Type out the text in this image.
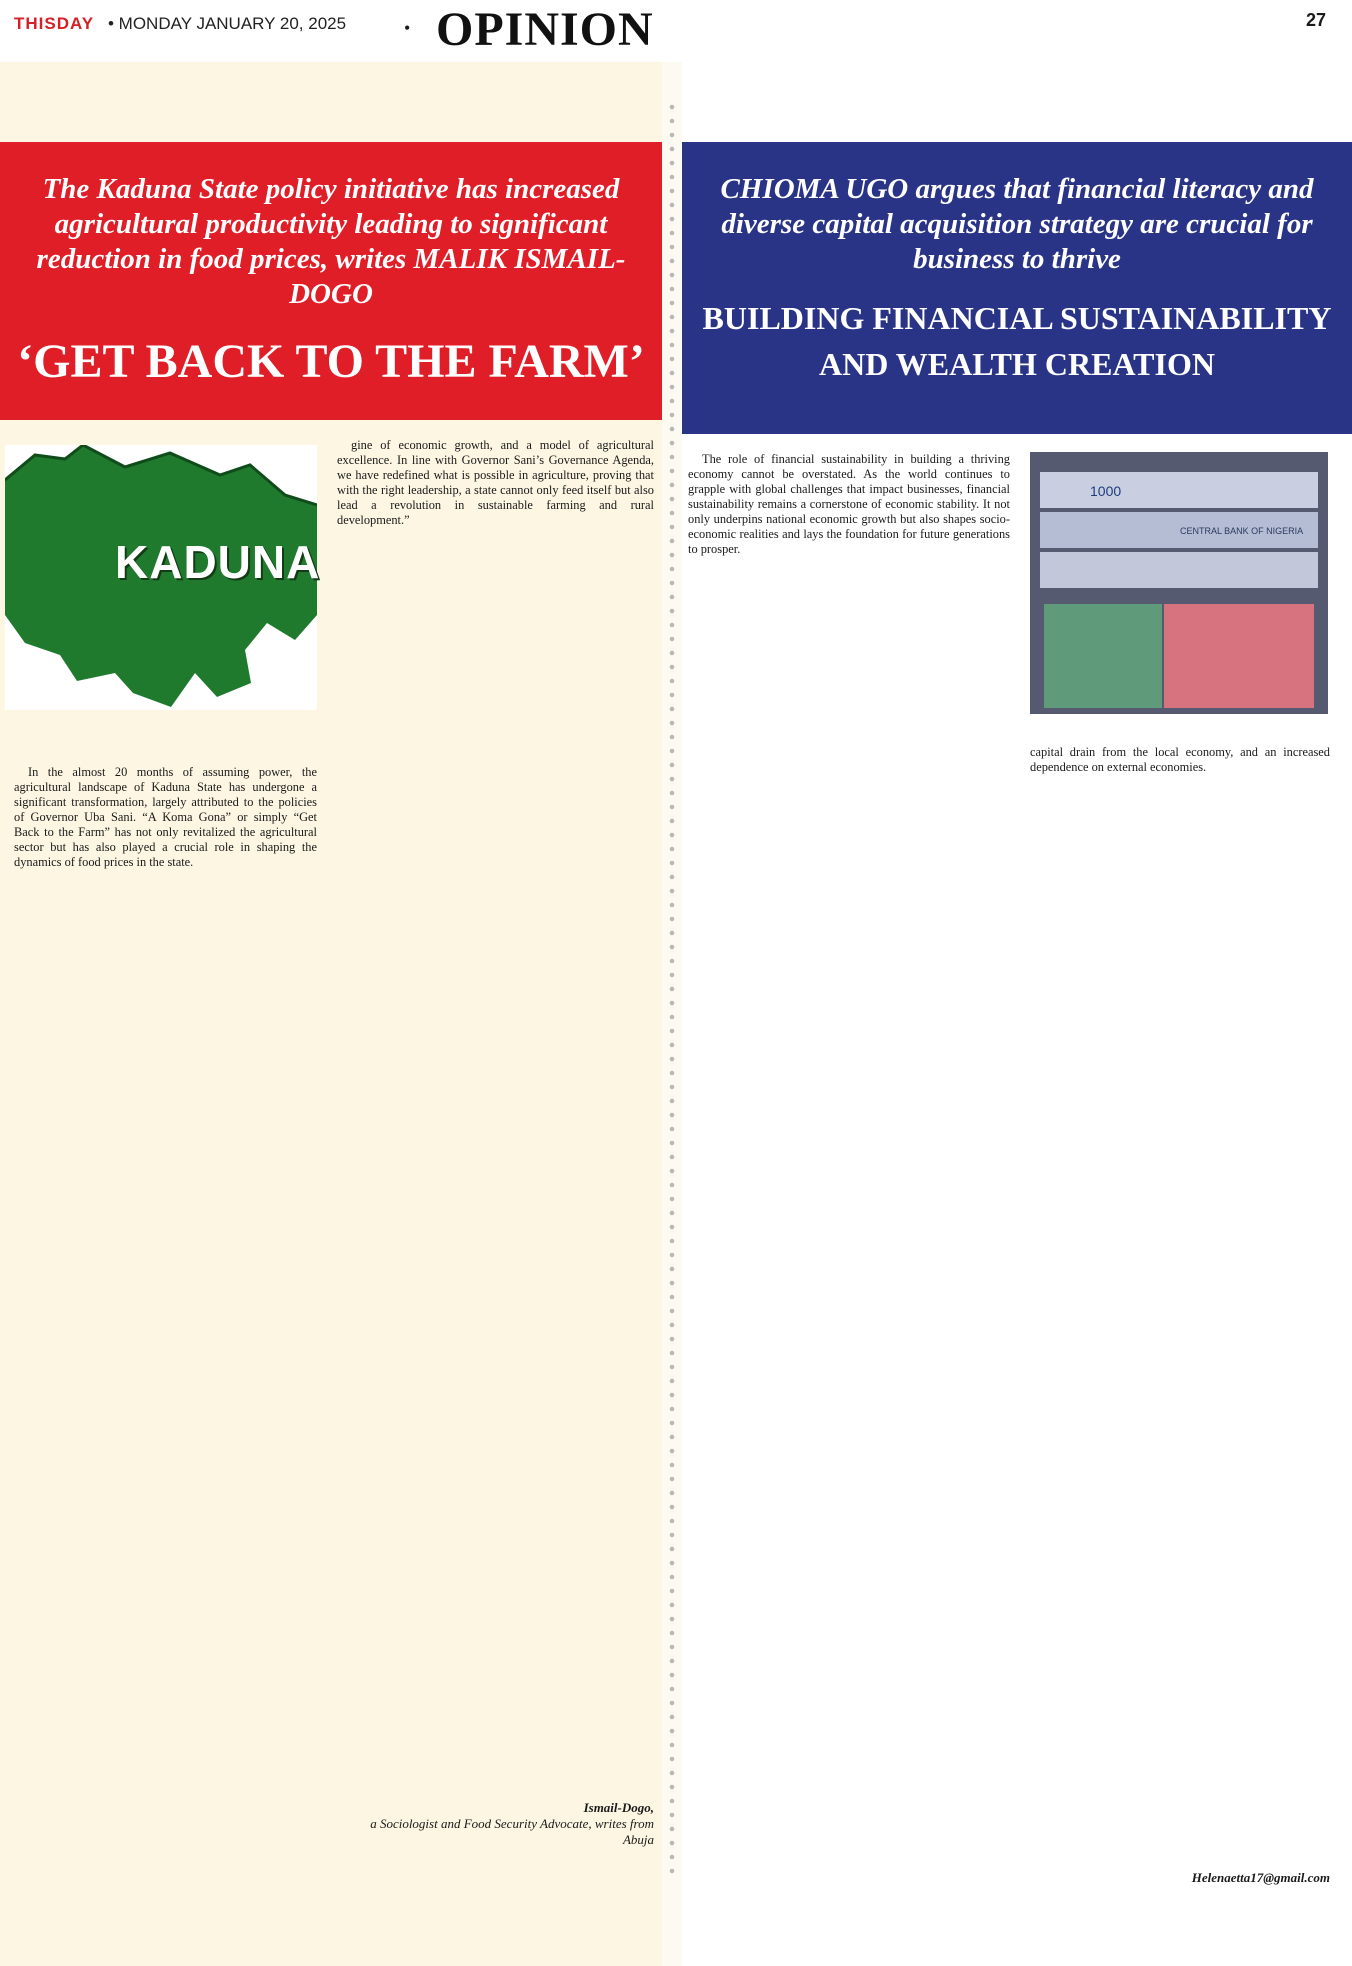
THISDAY • MONDAY JANUARY 20, 2025	• OPINION	27
The Kaduna State policy initiative has increased agricultural productivity leading to significant reduction in food prices, writes MALIK ISMAIL-DOGO
‘GET BACK TO THE FARM’
CHIOMA UGO argues that financial literacy and diverse capital acquisition strategy are crucial for business to thrive
BUILDING FINANCIAL SUSTAINABILITY AND WEALTH CREATION
KADUNA
1000
CENTRAL BANK OF NIGERIA

In the almost 20 months of assuming power, the agricultural landscape of Kaduna State has undergone a significant transformation, largely attributed to the policies of Governor Uba Sani. “A Koma Gona” or simply “Get Back to the Farm” has not only revitalized the agricultural sector but has also played a crucial role in shaping the dynamics of food prices in the state.

gine of economic growth, and a model of agricultural excellence. In line with Governor Sani’s Governance Agenda, we have redefined what is possible in agriculture, proving that with the right leadership, a state cannot only feed itself but also lead a revolution in sustainable farming and rural development.”

Ismail-Dogo,
a Sociologist and Food Security Advocate, writes from Abuja

The role of financial sustainability in building a thriving economy cannot be overstated. As the world continues to grapple with global challenges that impact businesses, financial sustainability remains a cornerstone of economic stability. It not only underpins national economic growth but also shapes socio-economic realities and lays the foundation for future generations to prosper.

capital drain from the local economy, and an increased dependence on external economies.

Helenaetta17@gmail.com
